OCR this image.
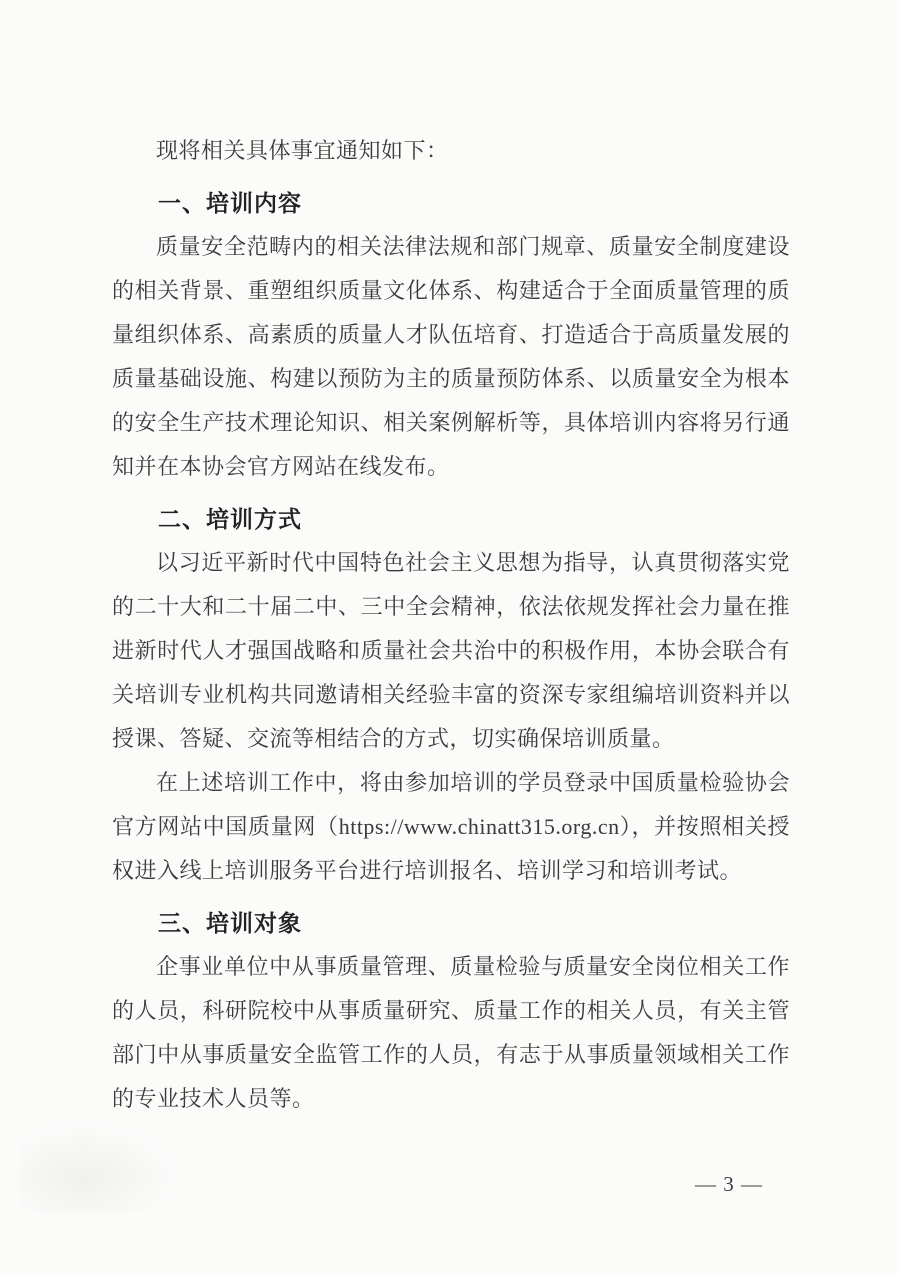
现将相关具体事宜通知如下：

一、培训内容

质量安全范畴内的相关法律法规和部门规章、质量安全制度建设的相关背景、重塑组织质量文化体系、构建适合于全面质量管理的质量组织体系、高素质的质量人才队伍培育、打造适合于高质量发展的质量基础设施、构建以预防为主的质量预防体系、以质量安全为根本的安全生产技术理论知识、相关案例解析等，具体培训内容将另行通知并在本协会官方网站在线发布。

二、培训方式

以习近平新时代中国特色社会主义思想为指导，认真贯彻落实党的二十大和二十届二中、三中全会精神，依法依规发挥社会力量在推进新时代人才强国战略和质量社会共治中的积极作用，本协会联合有关培训专业机构共同邀请相关经验丰富的资深专家组编培训资料并以授课、答疑、交流等相结合的方式，切实确保培训质量。

在上述培训工作中，将由参加培训的学员登录中国质量检验协会官方网站中国质量网（https://www.chinatt315.org.cn），并按照相关授权进入线上培训服务平台进行培训报名、培训学习和培训考试。

三、培训对象

企事业单位中从事质量管理、质量检验与质量安全岗位相关工作的人员，科研院校中从事质量研究、质量工作的相关人员，有关主管部门中从事质量安全监管工作的人员，有志于从事质量领域相关工作的专业技术人员等。

— 3 —
